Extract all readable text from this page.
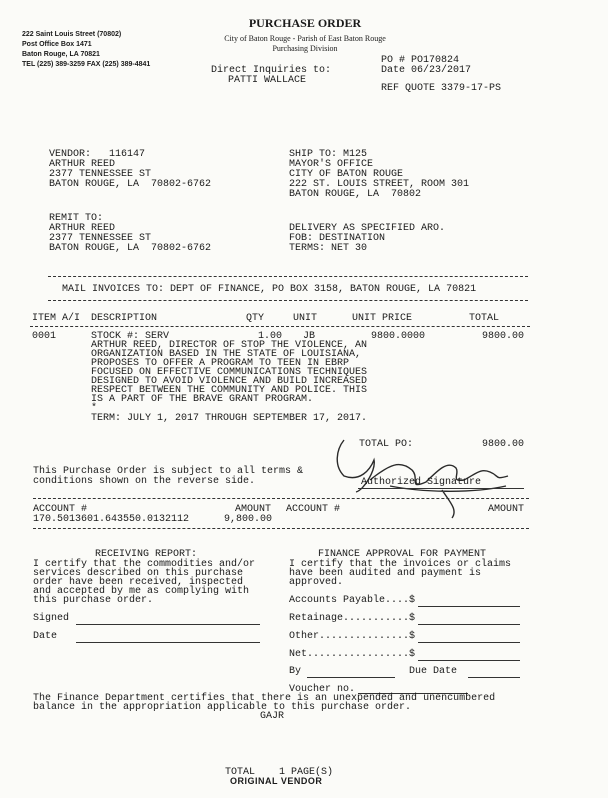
222 Saint Louis Street (70802)
Post Office Box 1471
Baton Rouge, LA 70821
TEL (225) 389-3259 FAX (225) 389-4841
PURCHASE ORDER
City of Baton Rouge - Parish of East Baton Rouge
Purchasing Division
Direct Inquiries to:
PATTI WALLACE
PO # PO170824
Date 06/23/2017
REF QUOTE 3379-17-PS
VENDOR:   116147
ARTHUR REED
2377 TENNESSEE ST
BATON ROUGE, LA  70802-6762
SHIP TO: M125
MAYOR'S OFFICE
CITY OF BATON ROUGE
222 ST. LOUIS STREET, ROOM 301
BATON ROUGE, LA  70802
REMIT TO:
ARTHUR REED
2377 TENNESSEE ST
BATON ROUGE, LA  70802-6762
DELIVERY AS SPECIFIED ARO.
FOB: DESTINATION
TERMS: NET 30
MAIL INVOICES TO: DEPT OF FINANCE, PO BOX 3158, BATON ROUGE, LA 70821
ITEM A/I DESCRIPTION	QTY	UNIT	UNIT PRICE	TOTAL
0001	STOCK #: SERV	1.00 JB	9800.0000	9800.00
ARTHUR REED, DIRECTOR OF STOP THE VIOLENCE, AN
ORGANIZATION BASED IN THE STATE OF LOUISIANA,
PROPOSES TO OFFER A PROGRAM TO TEEN IN EBRP
FOCUSED ON EFFECTIVE COMMUNICATIONS TECHNIQUES
DESIGNED TO AVOID VIOLENCE AND BUILD INCREASED
RESPECT BETWEEN THE COMMUNITY AND POLICE. THIS
IS A PART OF THE BRAVE GRANT PROGRAM.
*
TERM: JULY 1, 2017 THROUGH SEPTEMBER 17, 2017.
TOTAL PO:	9800.00
This Purchase Order is subject to all terms &
conditions shown on the reverse side.	Authorized Signature
ACCOUNT #	AMOUNT ACCOUNT #	AMOUNT
170.5013601.643550.0132112	9,800.00
RECEIVING REPORT:
I certify that the commodities and/or
services described on this purchase
order have been received, inspected
and accepted by me as complying with
this purchase order.
Signed
Date
FINANCE APPROVAL FOR PAYMENT
I certify that the invoices or claims
have been audited and payment is
approved.
Accounts Payable....$
Retainage...........$
Other...............$
Net.................$
By	Due Date
Voucher no.
The Finance Department certifies that there is an unexpended and unencumbered
balance in the appropriation applicable to this purchase order.
GAJR
TOTAL    1 PAGE(S)
ORIGINAL VENDOR
